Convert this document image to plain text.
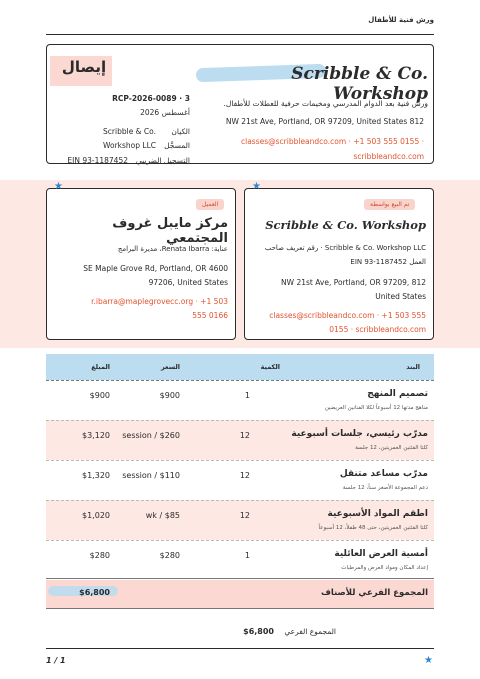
ورش فنية للأطفال
إيصال	Scribble & Co. Workshop
ورش فنية بعد الدوام المدرسي ومخيمات حرفية للعطلات للأطفال.
NW 21st Ave, Portland, OR 97209, United States 812
classes@scribbleandco.com · +1 503 555 0155 ·
scribbleandco.com
RCP-2026-0089 · 3
أغسطس 2026
الكيان
Scribble & Co.
المسجَّل
Workshop LLC
التسجيل الضريبي
EIN 93-1187452
★
العميل
مركز مايبل غروف المجتمعي
عناية: Renata Ibarra، مديرة البرامج
SE Maple Grove Rd, Portland, OR 4600
97206, United States
r.ibarra@maplegrovecc.org · +1 503
555 0166
★
تم البيع بواسطة
Scribble & Co. Workshop
Scribble & Co. Workshop LLC · رقم تعريف صاحب
العمل EIN 93-1187452
NW 21st Ave, Portland, OR 97209, 812
United States
classes@scribbleandco.com · +1 503 555
0155 · scribbleandco.com
البند
الكمية
السعر
المبلغ
تصميم المنهج
مناهج مدتها 12 أسبوعاً لكلا الفنانين العريضين
1
$900
$900
مدرّب رئيسي، جلسات أسبوعية
كلتا الفئتين العمريتين، 12 جلسة
12
session / $260
$3,120
مدرّب مساعد متنقل
دعم المجموعة الأصغر سناً، 12 جلسة
12
session / $110
$1,320
اطقم المواد الأسبوعية
كلتا الفئتين العمريتين، حتى 48 طفلاً، 12 أسبوعاً
12
wk / $85
$1,020
أمسية العرض العائلية
إعداد المكان ومواد العرض والمرطبات
1
$280
$280
المجموع الفرعي للأصناف
$6,800
المجموع الفرعي
$6,800
1 / 1	★
